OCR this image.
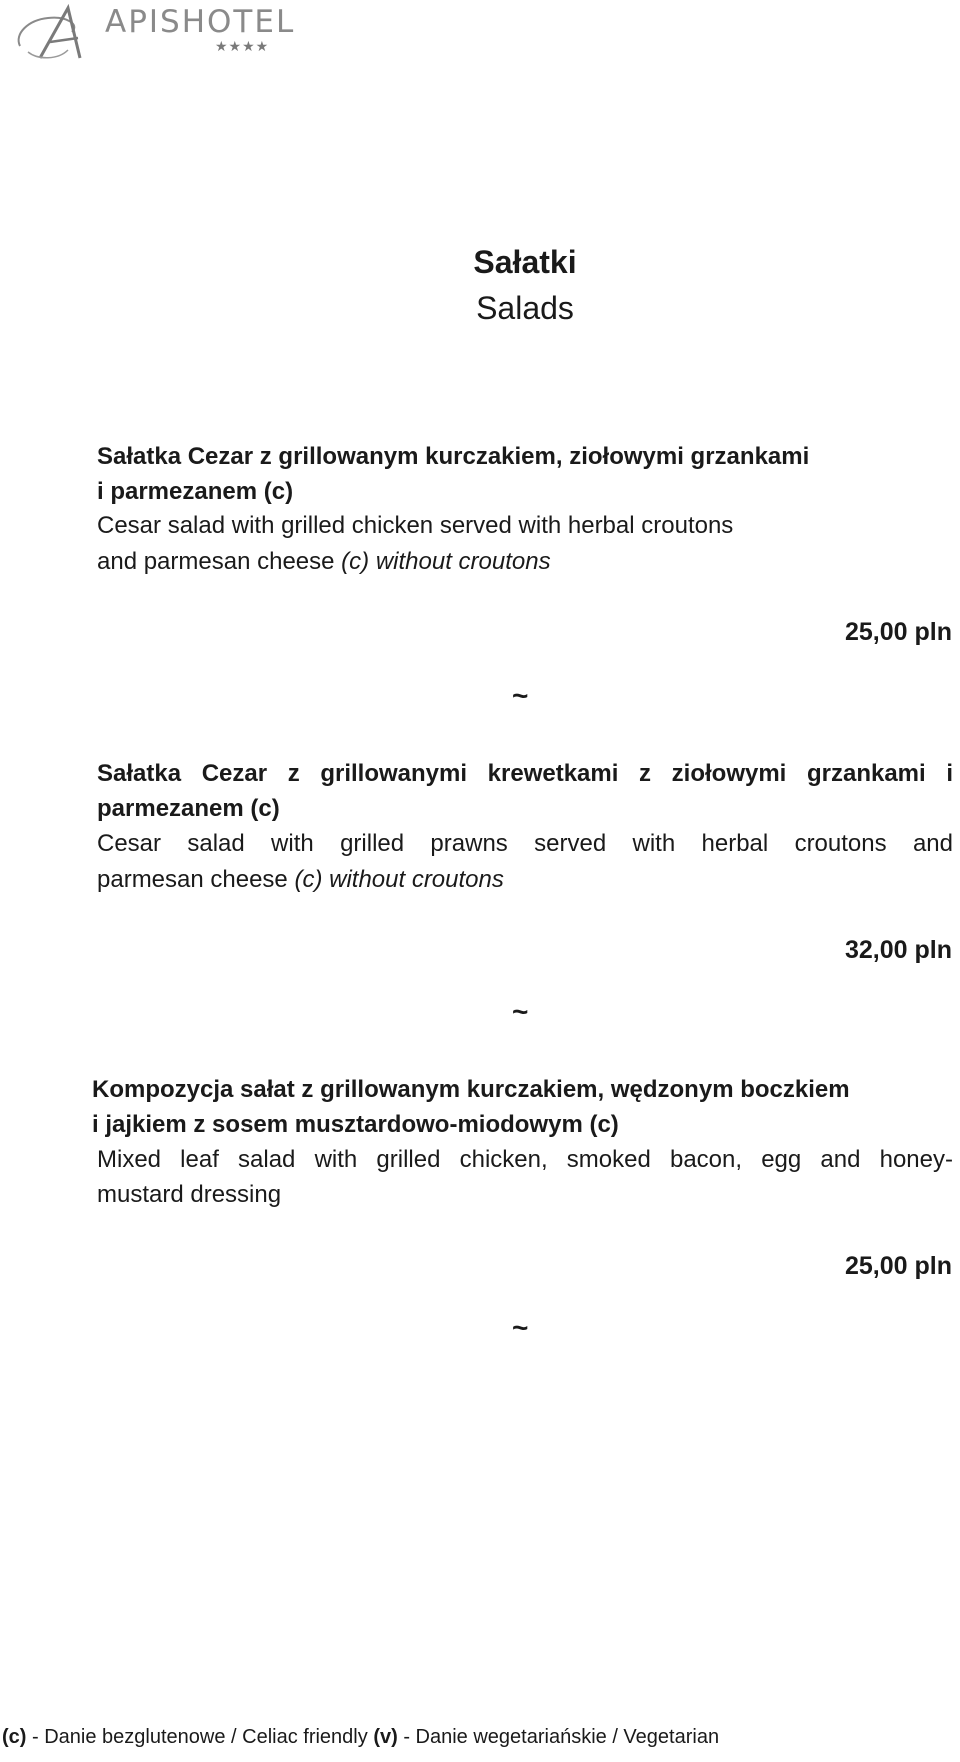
APISHOTEL
★★★★
Sałatki
Salads
Sałatka Cezar z grillowanym kurczakiem, ziołowymi grzankami
i parmezanem (c)
Cesar salad with grilled chicken served with herbal croutons
and parmesan cheese (c) without croutons
25,00 pln
~
Sałatka Cezar z grillowanymi krewetkami z ziołowymi grzankami i
parmezanem (c)
Cesar salad with grilled prawns served with herbal croutons and
parmesan cheese (c) without croutons
32,00 pln
~
Kompozycja sałat z grillowanym kurczakiem, wędzonym boczkiem
i jajkiem z sosem musztardowo-miodowym (c)
Mixed leaf salad with grilled chicken, smoked bacon, egg and honey-
mustard dressing
25,00 pln
~
(c) - Danie bezglutenowe / Celiac friendly (v) - Danie wegetariańskie / Vegetarian
